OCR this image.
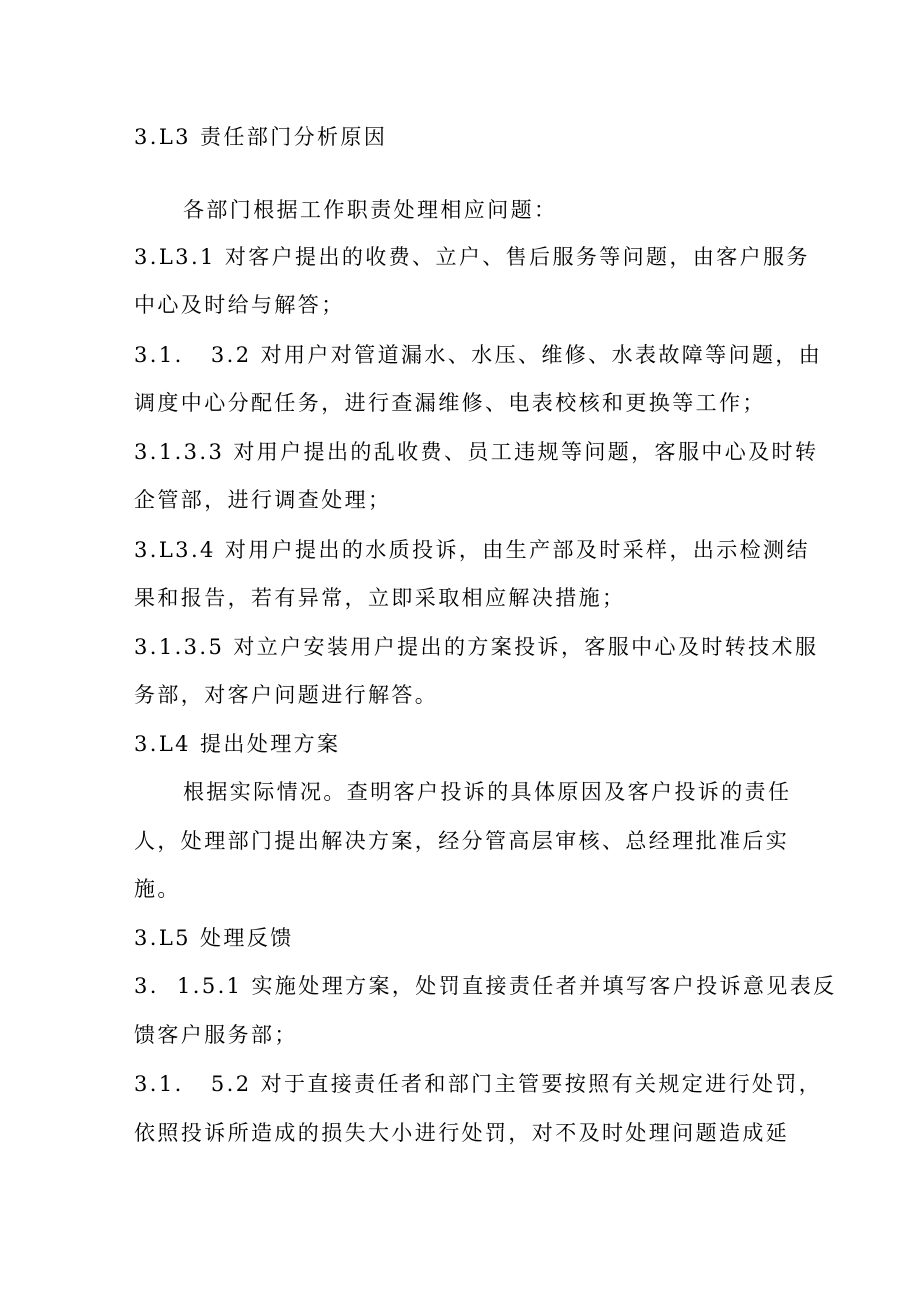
3.L3 责任部门分析原因

各部门根据工作职责处理相应问题：

3.L3.1 对客户提出的收费、立户、售后服务等问题，由客户服务

中心及时给与解答；

3.1.   3.2 对用户对管道漏水、水压、维修、水表故障等问题，由

调度中心分配任务，进行查漏维修、电表校核和更换等工作；

3.1.3.3 对用户提出的乱收费、员工违规等问题，客服中心及时转

企管部，进行调查处理；

3.L3.4 对用户提出的水质投诉，由生产部及时采样，出示检测结

果和报告，若有异常，立即采取相应解决措施；

3.1.3.5 对立户安装用户提出的方案投诉，客服中心及时转技术服

务部，对客户问题进行解答。

3.L4 提出处理方案

根据实际情况。查明客户投诉的具体原因及客户投诉的责任

人，处理部门提出解决方案，经分管高层审核、总经理批准后实

施。

3.L5 处理反馈

3.  1.5.1 实施处理方案，处罚直接责任者并填写客户投诉意见表反

馈客户服务部；

3.1.   5.2 对于直接责任者和部门主管要按照有关规定进行处罚，

依照投诉所造成的损失大小进行处罚，对不及时处理问题造成延
